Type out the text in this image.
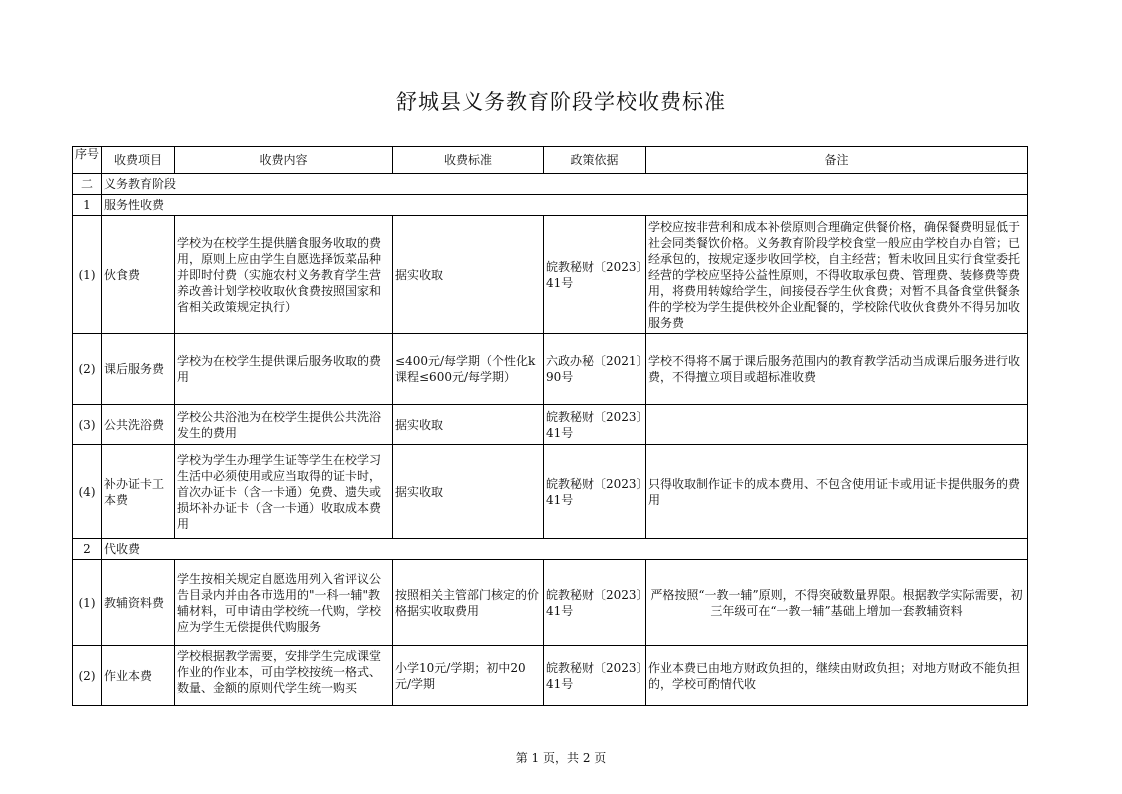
舒城县义务教育阶段学校收费标准
序号	收费项目	收费内容	收费标准	政策依据	备注
二	义务教育阶段				
1	服务性收费				
(1)	伙食费	学校为在校学生提供膳食服务收取的费用，原则上应由学生自愿选择饭菜品种并即时付费（实施农村义务教育学生营养改善计划学校收取伙食费按照国家和省相关政策规定执行）	据实收取	皖教秘财〔2023〕41号	学校应按非营利和成本补偿原则合理确定供餐价格，确保餐费明显低于社会同类餐饮价格。义务教育阶段学校食堂一般应由学校自办自管；已经承包的，按规定逐步收回学校，自主经营；暂未收回且实行食堂委托经营的学校应坚持公益性原则，不得收取承包费、管理费、装修费等费用，将费用转嫁给学生，间接侵吞学生伙食费；对暂不具备食堂供餐条件的学校为学生提供校外企业配餐的，学校除代收伙食费外不得另加收服务费
(2)	课后服务费	学校为在校学生提供课后服务收取的费用	≤400元/每学期（个性化k课程≤600元/每学期）	六政办秘〔2021〕90号	学校不得将不属于课后服务范围内的教育教学活动当成课后服务进行收费，不得擅立项目或超标准收费
(3)	公共洗浴费	学校公共浴池为在校学生提供公共洗浴发生的费用	据实收取	皖教秘财〔2023〕41号	
(4)	补办证卡工本费	学校为学生办理学生证等学生在校学习生活中必须使用或应当取得的证卡时，首次办证卡（含一卡通）免费、遗失或损坏补办证卡（含一卡通）收取成本费用	据实收取	皖教秘财〔2023〕41号	只得收取制作证卡的成本费用、不包含使用证卡或用证卡提供服务的费用
2	代收费				
(1)	教辅资料费	学生按相关规定自愿选用列入省评议公告目录内并由各市选用的"一科一辅"教辅材料，可申请由学校统一代购，学校应为学生无偿提供代购服务	按照相关主管部门核定的价格据实收取费用	皖教秘财〔2023〕41号	严格按照“一教一辅”原则，不得突破数量界限。根据教学实际需要，初三年级可在“一教一辅”基础上增加一套教辅资料

(2)	作业本费	学校根据教学需要，安排学生完成课堂作业的作业本，可由学校按统一格式、数量、金额的原则代学生统一购买	小学10元/学期；初中20元/学期	皖教秘财〔2023〕41号	作业本费已由地方财政负担的，继续由财政负担；对地方财政不能负担的，学校可酌情代收
第 1 页，共 2 页
